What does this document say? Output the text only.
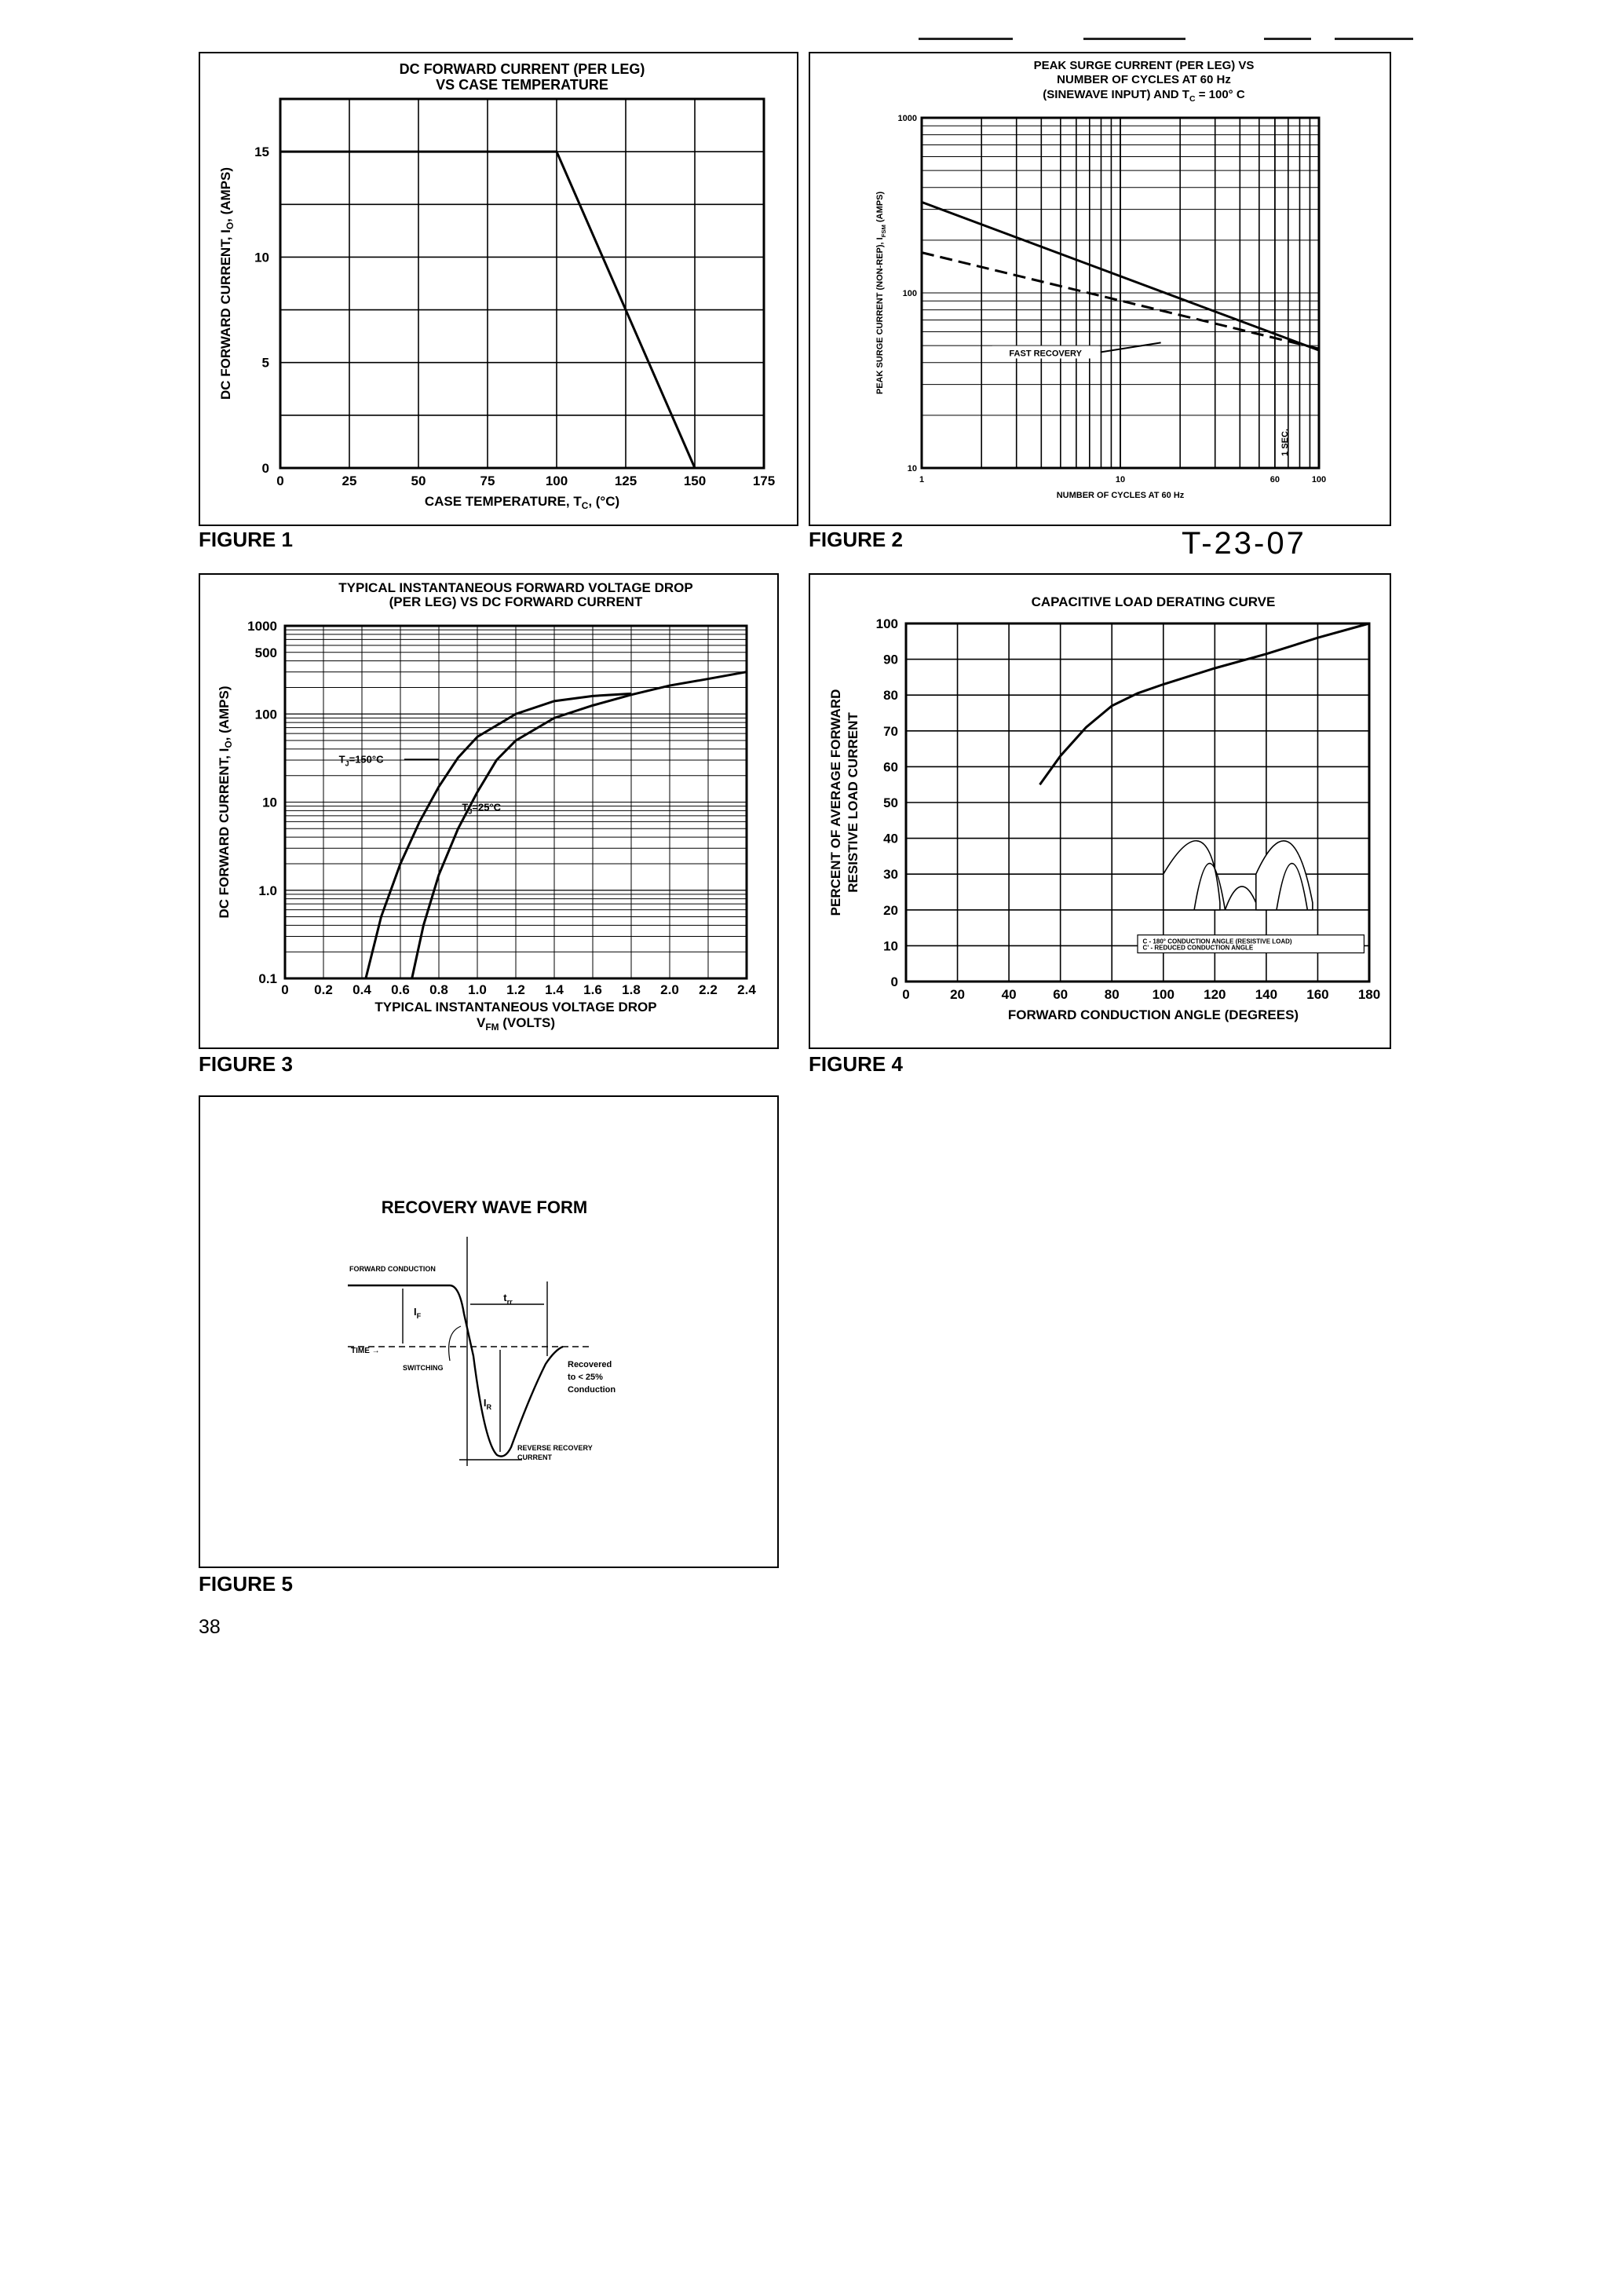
DC FORWARD CURRENT (PER LEG)
VS CASE TEMPERATURE
0	25	50	75	100	125	150	175
0
5
10
15
CASE TEMPERATURE, $T_C$, (°C)
DC FORWARD CURRENT, $I_O$, (AMPS)
FIGURE 1
PEAK SURGE CURRENT (PER LEG) VS
NUMBER OF CYCLES AT 60 Hz
(SINEWAVE INPUT) AND $T_C = 100^\circ$ C
1	10	60	100
10
100
1000
FAST RECOVERY
1 SEC.
NUMBER OF CYCLES AT 60 Hz
PEAK SURGE CURRENT (NON-REP), $I_{FSM}$ (AMPS)
FIGURE 2	T-23-07
TYPICAL INSTANTANEOUS FORWARD VOLTAGE DROP
(PER LEG) VS DC FORWARD CURRENT
0 0.2 0.4 0.6 0.8 1.0 1.2 1.4 1.6 1.8 2.0 2.2 2.4
0.1
1.0
10
100
500
1000
$T_J=150^\circ C$
$T_J=25^\circ C$
TYPICAL INSTANTANEOUS VOLTAGE DROP
$V_{FM}$ (VOLTS)
DC FORWARD CURRENT, $I_O$, (AMPS)
FIGURE 3
CAPACITIVE LOAD DERATING CURVE
0	20	40	60	80 100 120 140 160 180
0
10
20
30
40
50
60
70
80
90
100
C - 180° CONDUCTION ANGLE (RESISTIVE LOAD)
C' - REDUCED CONDUCTION ANGLE
FORWARD CONDUCTION ANGLE (DEGREES)
PERCENT OF AVERAGE FORWARD RESISTIVE LOAD CURRENT
FIGURE 4
RECOVERY WAVE FORM
FORWARD CONDUCTION
TIME →
$I_F$
$t_{rr}$
$I_R$
SWITCHING	Recovered
to < 25%
Conduction
REVERSE RECOVERY
CURRENT
FIGURE 5
38
